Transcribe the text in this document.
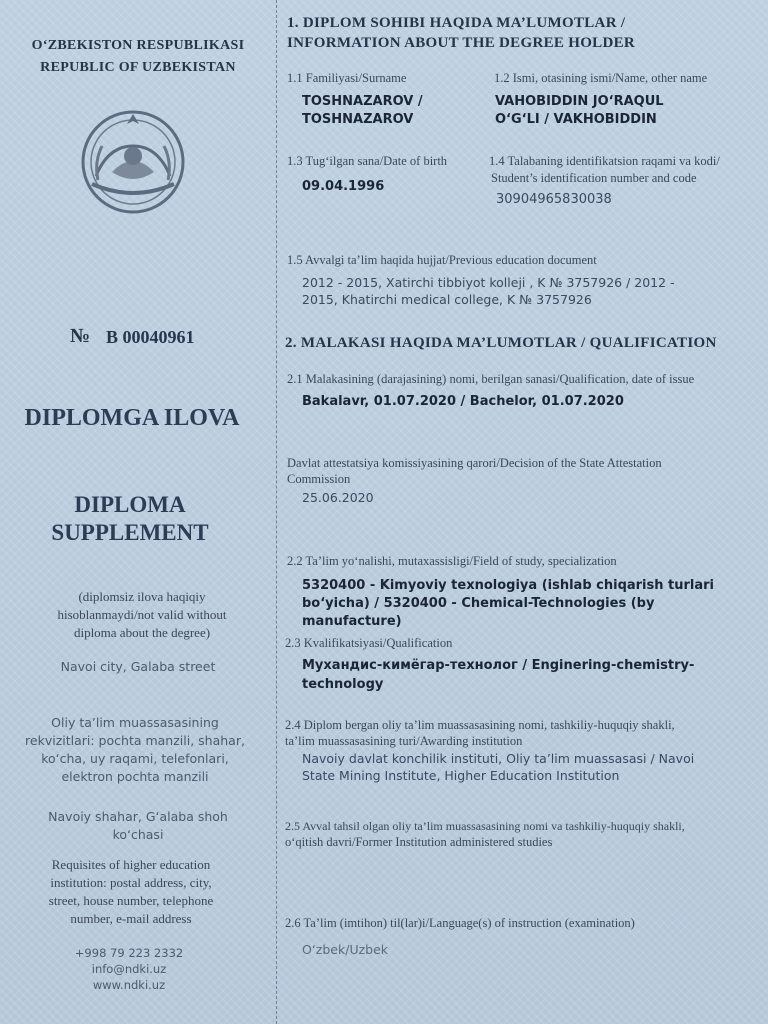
O‘ZBEKISTON RESPUBLIKASI
REPUBLIC OF UZBEKISTAN
№ B 00040961
DIPLOMGA ILOVA
DIPLOMA
SUPPLEMENT
(diplomsiz ilova haqiqiy
hisoblanmaydi/not valid without
diploma about the degree)
Navoi city, Galaba street
Oliy ta’lim muassasasining
rekvizitlari: pochta manzili, shahar,
ko‘cha, uy raqami, telefonlari,
elektron pochta manzili
Navoiy shahar, G‘alaba shoh
ko‘chasi
Requisites of higher education
institution: postal address, city,
street, house number, telephone
number, e-mail address
+998 79 223 2332
info@ndki.uz
www.ndki.uz
1. DIPLOM SOHIBI HAQIDA MA’LUMOTLAR /
INFORMATION ABOUT THE DEGREE HOLDER
1.1 Familiyasi/Surname
TOSHNAZAROV /
TOSHNAZAROV
1.2 Ismi, otasining ismi/Name, other name
VAHOBIDDIN JO‘RAQUL
O‘G‘LI / VAKHOBIDDIN
1.3 Tug‘ilgan sana/Date of birth
09.04.1996
1.4 Talabaning identifikatsion raqami va kodi/
Student’s identification number and code
30904965830038
1.5 Avvalgi ta’lim haqida hujjat/Previous education document
2012 - 2015, Xatirchi tibbiyot kolleji , K № 3757926 / 2012 -
2015, Khatirchi medical college, K № 3757926
2. MALAKASI HAQIDA MA’LUMOTLAR / QUALIFICATION
2.1 Malakasining (darajasining) nomi, berilgan sanasi/Qualification, date of issue
Bakalavr, 01.07.2020 / Bachelor, 01.07.2020
Davlat attestatsiya komissiyasining qarori/Decision of the State Attestation
Commission
25.06.2020
2.2 Ta’lim yo‘nalishi, mutaxassisligi/Field of study, specialization
5320400 - Kimyoviy texnologiya (ishlab chiqarish turlari
bo‘yicha) / 5320400 - Chemical-Technologies (by
manufacture)
2.3 Kvalifikatsiyasi/Qualification
Мухандис-кимёгар-технолог / Enginering-chemistry-
technology
2.4 Diplom bergan oliy ta’lim muassasasining nomi, tashkiliy-huquqiy shakli,
ta’lim muassasasining turi/Awarding institution
Navoiy davlat konchilik instituti, Oliy ta’lim muassasasi / Navoi
State Mining Institute, Higher Education Institution
2.5 Avval tahsil olgan oliy ta’lim muassasasining nomi va tashkiliy-huquqiy shakli,
o‘qitish davri/Former Institution administered studies
2.6 Ta’lim (imtihon) til(lar)i/Language(s) of instruction (examination)
O‘zbek/Uzbek
